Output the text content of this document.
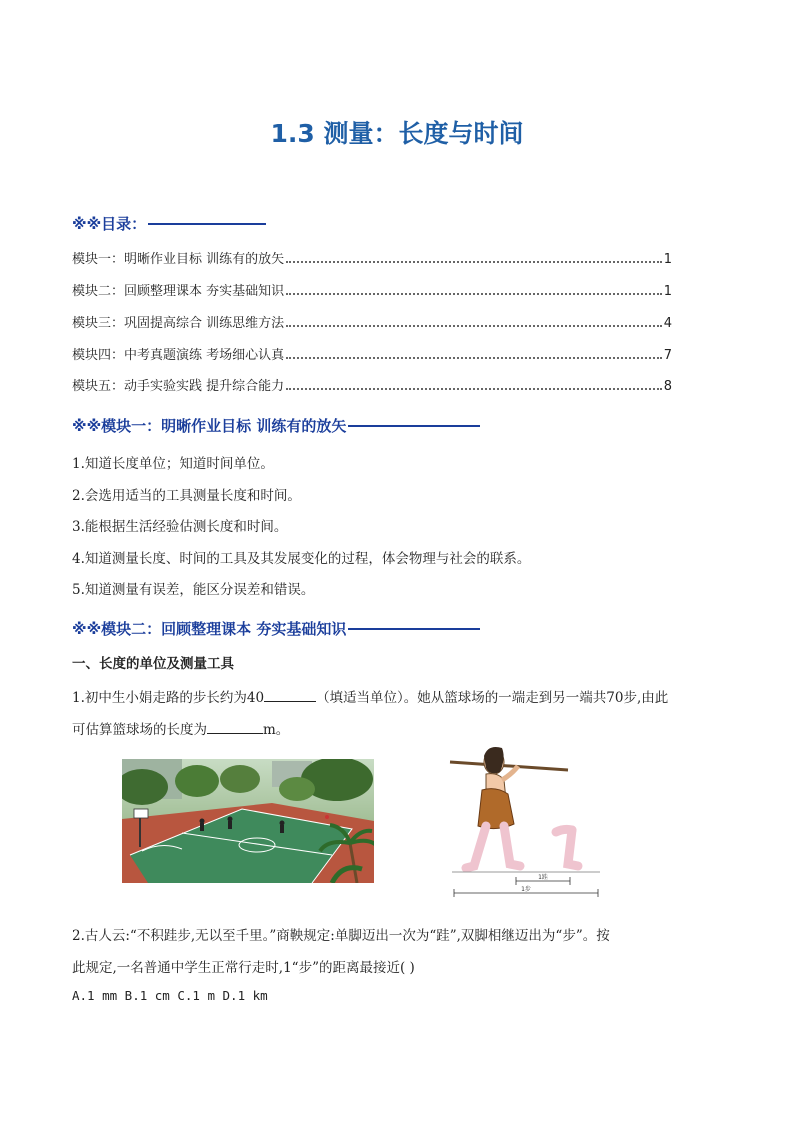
1.3 测量：长度与时间
※※目录：
模块一：明晰作业目标 训练有的放矢	1
模块二：回顾整理课本 夯实基础知识	1
模块三：巩固提高综合 训练思维方法	4
模块四：中考真题演练 考场细心认真	7
模块五：动手实验实践 提升综合能力	8
※※模块一：明晰作业目标 训练有的放矢
1.知道长度单位；知道时间单位。
2.会选用适当的工具测量长度和时间。
3.能根据生活经验估测长度和时间。
4.知道测量长度、时间的工具及其发展变化的过程，体会物理与社会的联系。
5.知道测量有误差，能区分误差和错误。
※※模块二：回顾整理课本 夯实基础知识
一、长度的单位及测量工具
1.初中生小娟走路的步长约为40	（填适当单位）。她从篮球场的一端走到另一端共70步,由此
可估算篮球场的长度为	m。
1跬
1步
2.古人云:“不积跬步,无以至千里。”商鞅规定:单脚迈出一次为“跬”,双脚相继迈出为“步”。按
此规定,一名普通中学生正常行走时,1“步”的距离最接近( )
A.1 mm B.1 cm C.1 m D.1 km
